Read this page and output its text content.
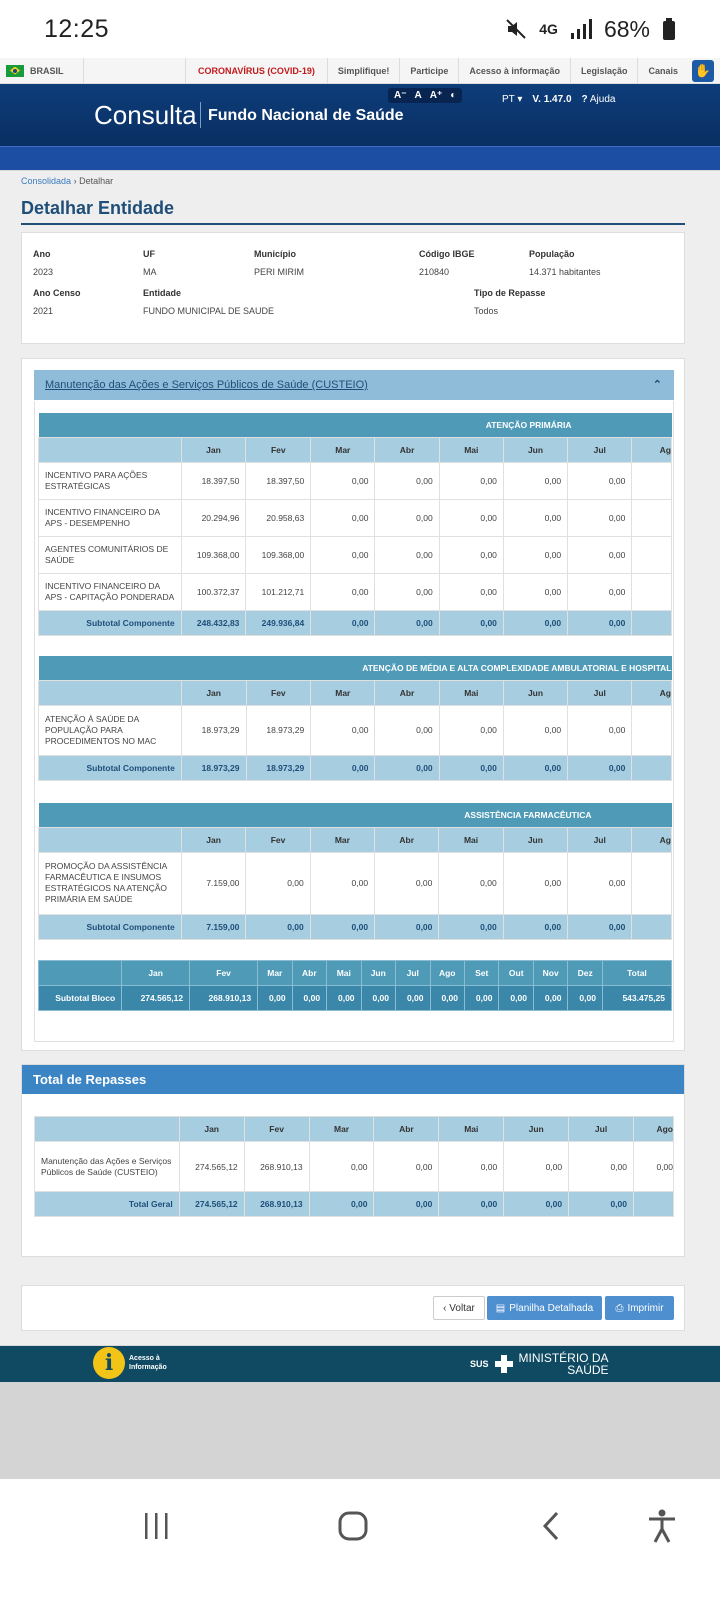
12:25	4G 68%
BRASIL	CORONAVÍRUS (COVID-19)	Simplifique!	Participe	Acesso à informação	Legislação	Canais	✋
Consulta Fundo Nacional de Saúde
A⁻ A A⁺ ◐	PT ▾ V. 1.47.0 ? Ajuda
Tipos de consulta ▾
Consolidada › Detalhar
Detalhar Entidade
Ano
2023
UF
MA
Município
PERI MIRIM
Código IBGE
210840
População
14.371 habitantes
Ano Censo
2021
Entidade
FUNDO MUNICIPAL DE SAUDE
Tipo de Repasse
Todos
Manutenção das Ações e Serviços Públicos de Saúde (CUSTEIO)	⌃
ATENÇÃO PRIMÁRIA								
	Jan	Fev	Mar	Abr	Mai	Jun	Jul	Ag
INCENTIVO PARA AÇÕES ESTRATÉGICAS	18.397,50	18.397,50	0,00	0,00	0,00	0,00	0,00	
INCENTIVO FINANCEIRO DA APS - DESEMPENHO	20.294,96	20.958,63	0,00	0,00	0,00	0,00	0,00	
AGENTES COMUNITÁRIOS DE SAÚDE	109.368,00	109.368,00	0,00	0,00	0,00	0,00	0,00	
INCENTIVO FINANCEIRO DA APS - CAPITAÇÃO PONDERADA	100.372,37	101.212,71	0,00	0,00	0,00	0,00	0,00	
Subtotal Componente	248.432,83	249.936,84	0,00	0,00	0,00	0,00	0,00	
ATENÇÃO DE MÉDIA E ALTA COMPLEXIDADE AMBULATORIAL E HOSPITAL								
	Jan	Fev	Mar	Abr	Mai	Jun	Jul	Ag
ATENÇÃO À SAÚDE DA POPULAÇÃO PARA PROCEDIMENTOS NO MAC	18.973,29	18.973,29	0,00	0,00	0,00	0,00	0,00	
Subtotal Componente	18.973,29	18.973,29	0,00	0,00	0,00	0,00	0,00	
ASSISTÊNCIA FARMACÊUTICA								
	Jan	Fev	Mar	Abr	Mai	Jun	Jul	Ag
PROMOÇÃO DA ASSISTÊNCIA FARMACÊUTICA E INSUMOS ESTRATÉGICOS NA ATENÇÃO PRIMÁRIA EM SAÚDE	7.159,00	0,00	0,00	0,00	0,00	0,00	0,00	
Subtotal Componente	7.159,00	0,00	0,00	0,00	0,00	0,00	0,00	
	Jan	Fev	Mar	Abr	Mai	Jun	Jul	Ago	Set	Out	Nov	Dez	Total
Subtotal Bloco	274.565,12	268.910,13	0,00	0,00	0,00	0,00	0,00	0,00	0,00	0,00	0,00	0,00	543.475,25
Total de Repasses
	Jan	Fev	Mar	Abr	Mai	Jun	Jul	Ago
Manutenção das Ações e Serviços Públicos de Saúde (CUSTEIO)	274.565,12	268.910,13	0,00	0,00	0,00	0,00	0,00	0,00
Total Geral	274.565,12	268.910,13	0,00	0,00	0,00	0,00	0,00	
‹ Voltar	▤ Planilha Detalhada ⎙ Imprimir
i	Acesso à Informação	SUS	MINISTÉRIO DA
SAÚDE
